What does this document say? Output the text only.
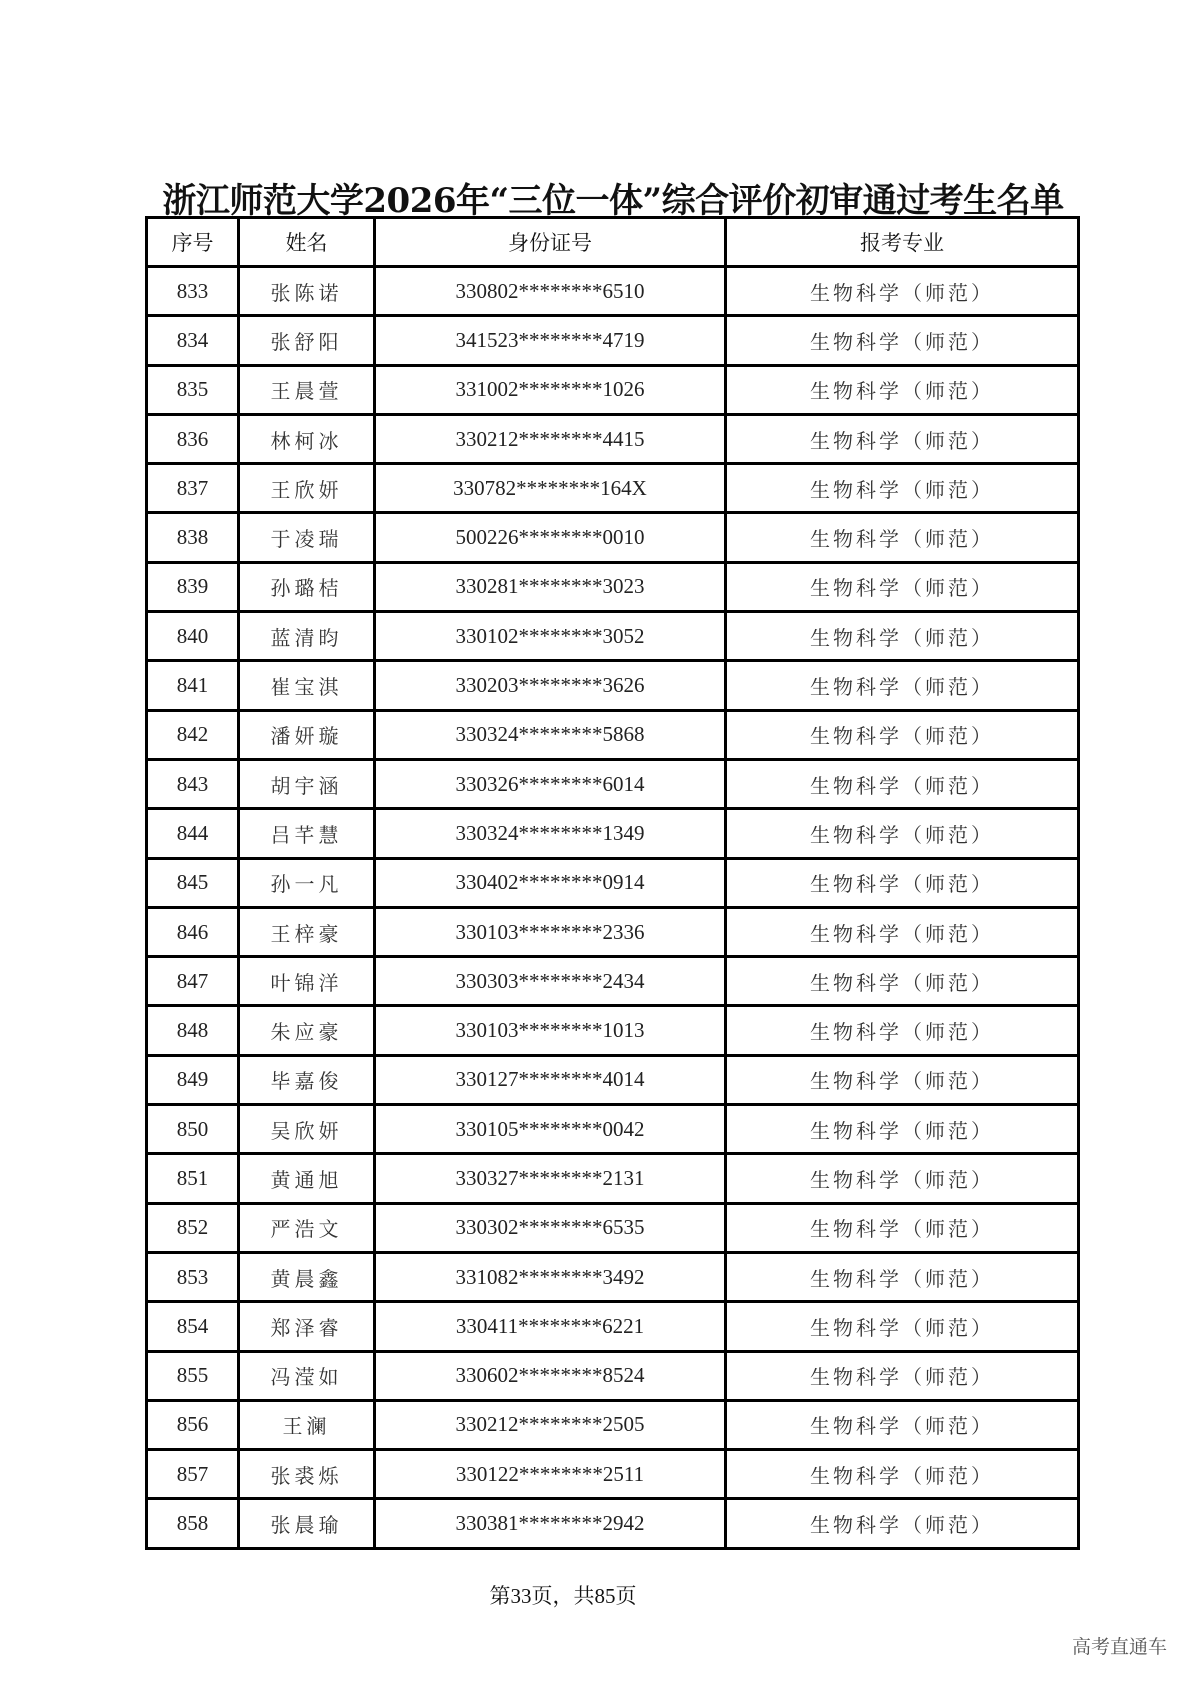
浙江师范大学2026年“三位一体”综合评价初审通过考生名单
序号	姓名	身份证号	报考专业
833	张陈诺	330802********6510	生物科学（师范）
834	张舒阳	341523********4719	生物科学（师范）
835	王晨萱	331002********1026	生物科学（师范）
836	林柯冰	330212********4415	生物科学（师范）
837	王欣妍	330782********164X	生物科学（师范）
838	于凌瑞	500226********0010	生物科学（师范）
839	孙璐桔	330281********3023	生物科学（师范）
840	蓝清昀	330102********3052	生物科学（师范）
841	崔宝淇	330203********3626	生物科学（师范）
842	潘妍璇	330324********5868	生物科学（师范）
843	胡宇涵	330326********6014	生物科学（师范）
844	吕芊慧	330324********1349	生物科学（师范）
845	孙一凡	330402********0914	生物科学（师范）
846	王梓豪	330103********2336	生物科学（师范）
847	叶锦洋	330303********2434	生物科学（师范）
848	朱应豪	330103********1013	生物科学（师范）
849	毕嘉俊	330127********4014	生物科学（师范）
850	吴欣妍	330105********0042	生物科学（师范）
851	黄通旭	330327********2131	生物科学（师范）
852	严浩文	330302********6535	生物科学（师范）
853	黄晨鑫	331082********3492	生物科学（师范）
854	郑泽睿	330411********6221	生物科学（师范）
855	冯滢如	330602********8524	生物科学（师范）
856	王澜	330212********2505	生物科学（师范）
857	张裘烁	330122********2511	生物科学（师范）
858	张晨瑜	330381********2942	生物科学（师范）
第33页，共85页
高考直通车
